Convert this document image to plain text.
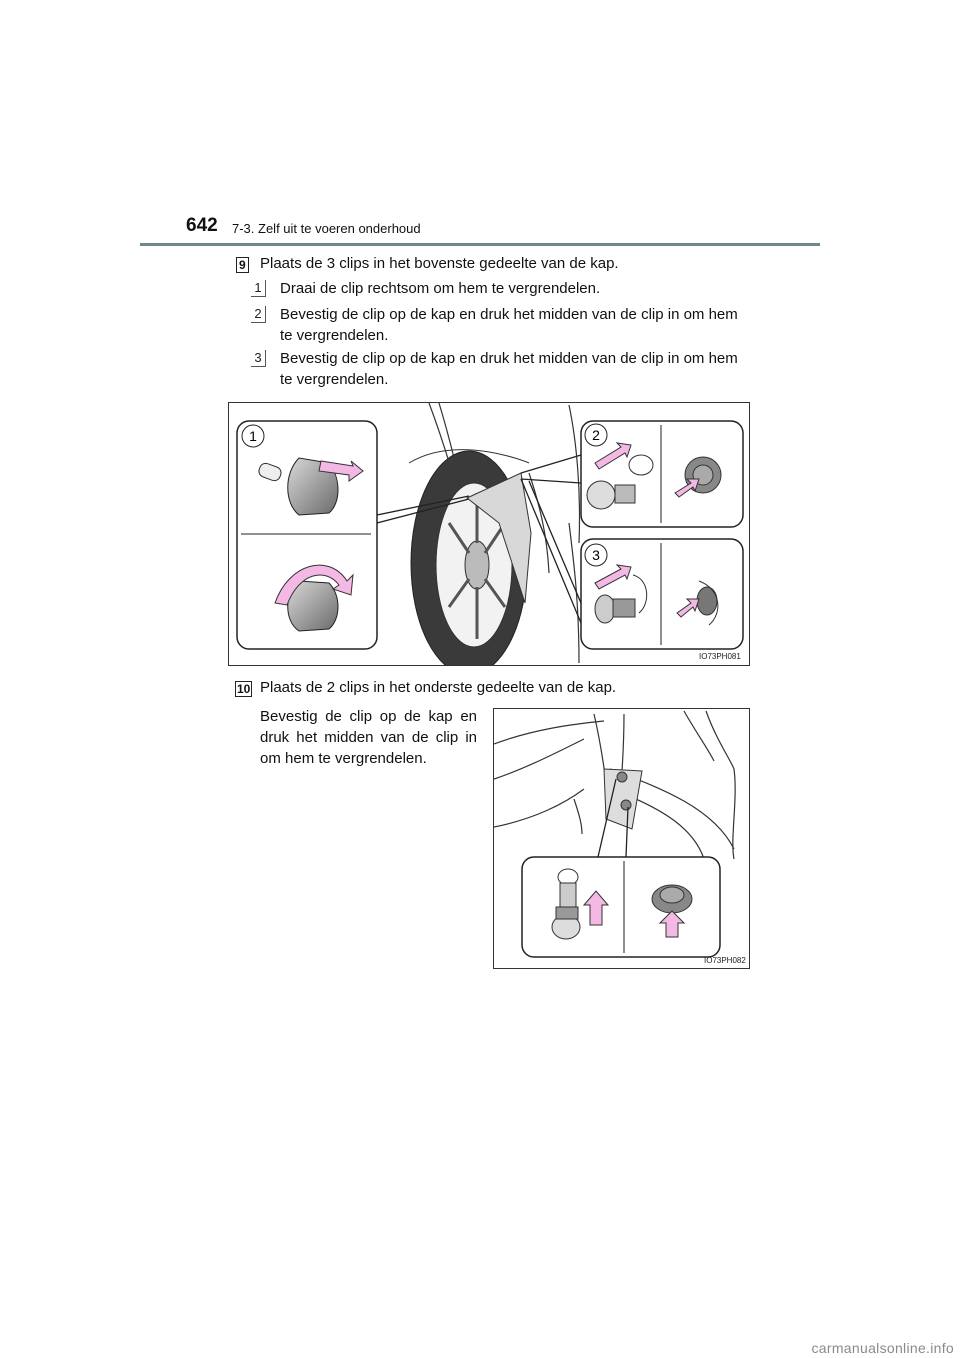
642 7-3. Zelf uit te voeren onderhoud
9 Plaats de 3 clips in het bovenste gedeelte van de kap.
1 Draai de clip rechtsom om hem te vergrendelen.
2 Bevestig de clip op de kap en druk het midden van de clip in om hem
te vergrendelen.
3 Bevestig de clip op de kap en druk het midden van de clip in om hem
te vergrendelen.
1	2
3
IO73PH081
10 Plaats de 2 clips in het onderste gedeelte van de kap.
Bevestig de clip op de kap en
druk het midden van de clip in
om hem te vergrendelen.
IO73PH082
carmanualsonline.info
